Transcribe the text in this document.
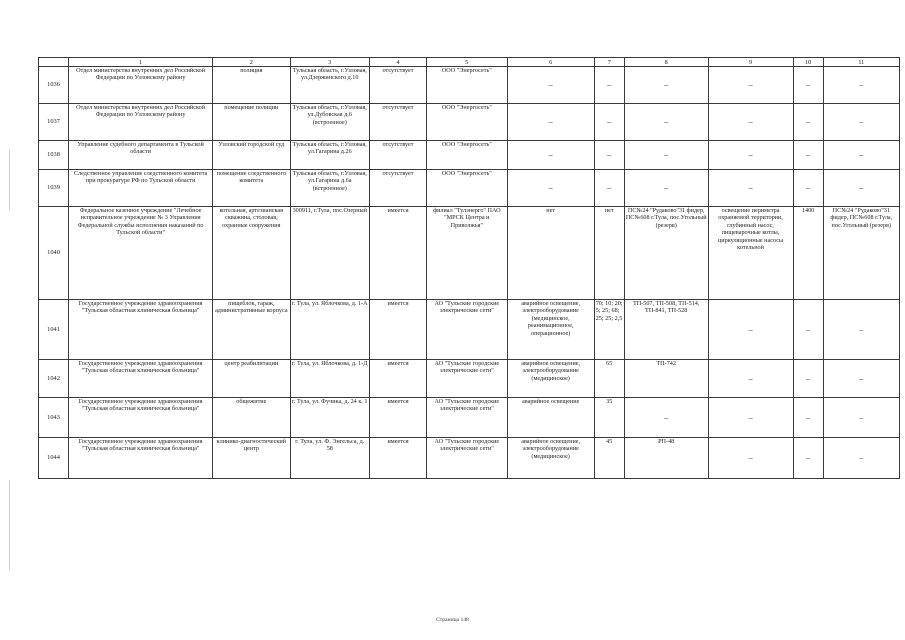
	1	2	3	4	5	6	7	8	9	10	11
1036	Отдел министерства внутренних дел Российской Федерации по Узловскому району	полиция	Тульская область, г.Узловая, ул.Дзержинского д.10	отсутствует	ООО "Энергосеть"	–	–	–	–	–	–
1037	Отдел министерства внутренних дел Российской Федерации по Узловскому району	помещение полиции	Тульская область, г.Узловая, ул.Дубовская д.6 (встроенное)	отсутствует	ООО "Энергосеть"	–	–	–	–	–	–
1038	Управление судебного департамента в Тульской области	Узловский городской суд	Тульская область, г.Узловая, ул.Гагарина д.26	отсутствует	ООО "Энергосеть"	–	–	–	–	–	–
1039	Следственное управление следственного комитета при прокуратуре РФ по Тульской области	помещение следственного комитета	Тульская область, г.Узловая, ул.Гагарина д.6а (встроенное)	отсутствует	ООО "Энергосеть"	–	–	–	–	–	–
1040	Федеральное казенное учреждение "Лечебное исправительное учреждение № 3 Управления Федеральной службы исполнения наказаний по Тульской области"	котельная, артезианская скважина, столовая, охранные сооружения	300911, г.Тула, пос.Озерный	имеется	филиал "Тулэнерго" ПАО "МРСК Центра и Приволжья"	нет	нет	ПС№24 "Рудаково"31 фидер, ПС№608 г.Тула, пос.Угольный (резерв)	освещение периметра охраняемой территории, глубинный насос, пищеварочные котлы, циркуляционные насосы котельной	1400	ПС№24 "Рудаково"31 фидер, ПС№608 г.Тула, пос.Угольный (резерв)
1041	Государственное учреждение здравоохранения "Тульская областная клиническая больница"	пищеблок, гараж, административные корпуса	г. Тула, ул. Яблочкова, д. 1-А	имеется	АО "Тульские городские электрические сети"	аварийное освещение, электрооборудование (медицинское, реанимационное, операционное)	70; 10; 20; 5; 25; 68; 25; 25; 2,5	ТП-507, ТП-508, ТП-514, ТП-841, ТП-528	–	–	–
1042	Государственное учреждение здравоохранения "Тульская областная клиническая больница"	центр реабилитации	г. Тула, ул. Яблочкова, д. 1-Д	имеется	АО "Тульские городские электрические сети"	аварийное освещение, электрооборудование (медицинское)	65	ТП-742	–	–	–
1043	Государственное учреждение здравоохранения "Тульская областная клиническая больница"	общежитие	г. Тула, ул. Фучика, д. 24 к. 1	имеется	АО "Тульские городские электрические сети"	аварийное освещение	35	–	–	–	–
1044	Государственное учреждение здравоохранения "Тульская областная клиническая больница"	клинико-диагностический центр	г. Тула, ул. Ф. Энгельса, д. 58	имеется	АО "Тульские городские электрические сети"	аварийное освещение, электрооборудование (медицинское)	45	РП-48	–	–	–
Страница 148
